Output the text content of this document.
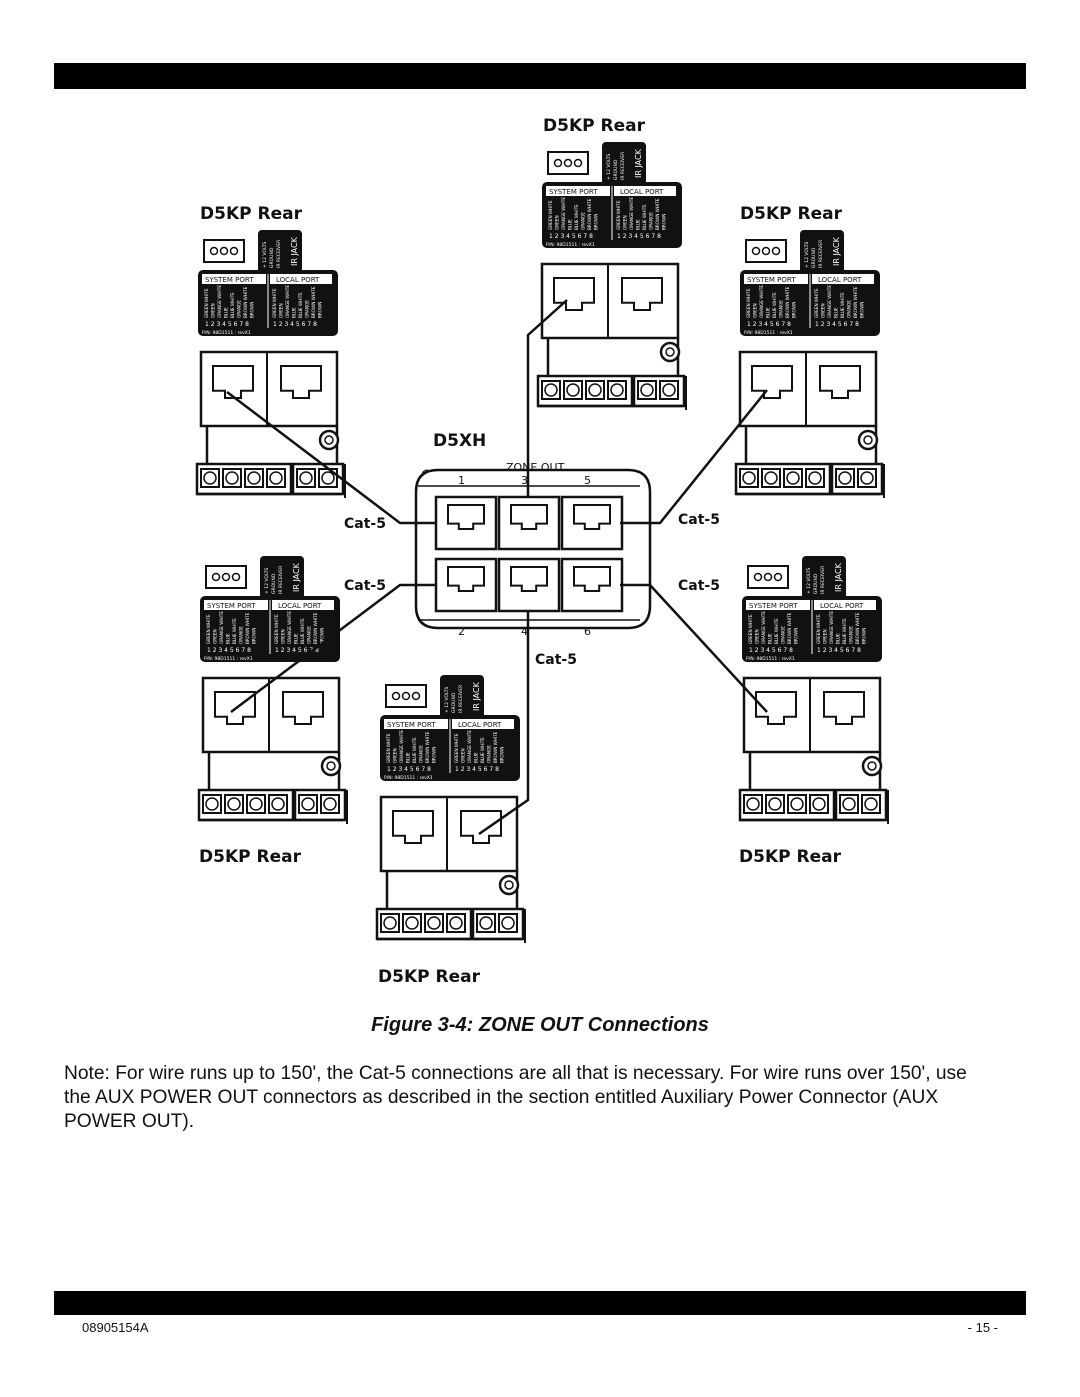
D5XH
ZONE OUT
1	3	5
2	4	6
D5KP Rear
+ 12 VOLTS GROUND IR RECEIVER IR JACK
SYSTEM PORT	LOCAL PORT
GREEN WHITE GREEN ORANGE WHITE BLUE BLUE WHITE ORANGE BROWN WHITE BROWN
1 2 3 4 5 6 7 8
GREEN WHITE GREEN ORANGE WHITE BLUE BLUE WHITE ORANGE BROWN WHITE BROWN
1 2 3 4 5 6 7 8
P/N: 98D1511 : revX1
D5KP Rear
+ 12 VOLTS GROUND IR RECEIVER IR JACK
SYSTEM PORT	LOCAL PORT
GREEN WHITE GREEN ORANGE WHITE BLUE BLUE WHITE ORANGE BROWN WHITE BROWN
1 2 3 4 5 6 7 8
GREEN WHITE GREEN ORANGE WHITE BLUE BLUE WHITE ORANGE BROWN WHITE BROWN
1 2 3 4 5 6 7 8
P/N: 98D1511 : revX1
D5KP Rear
+ 12 VOLTS GROUND IR RECEIVER IR JACK
SYSTEM PORT	LOCAL PORT
GREEN WHITE GREEN ORANGE WHITE BLUE BLUE WHITE ORANGE BROWN WHITE BROWN
1 2 3 4 5 6 7 8
GREEN WHITE GREEN ORANGE WHITE BLUE BLUE WHITE ORANGE BROWN WHITE BROWN
1 2 3 4 5 6 7 8
P/N: 98D1511 : revX1
D5KP Rear
+ 12 VOLTS GROUND IR RECEIVER IR JACK
SYSTEM PORT	LOCAL PORT
GREEN WHITE GREEN ORANGE WHITE BLUE BLUE WHITE ORANGE BROWN WHITE BROWN
1 2 3 4 5 6 7 8
GREEN WHITE GREEN ORANGE WHITE BLUE BLUE WHITE ORANGE BROWN WHITE BROWN
1 2 3 4 5 6 7 8
P/N: 98D1511 : revX1
D5KP Rear
+ 12 VOLTS GROUND IR RECEIVER IR JACK
SYSTEM PORT	LOCAL PORT
GREEN WHITE GREEN ORANGE WHITE BLUE BLUE WHITE ORANGE BROWN WHITE BROWN
1 2 3 4 5 6 7 8
GREEN WHITE GREEN ORANGE WHITE BLUE BLUE WHITE ORANGE BROWN WHITE BROWN
1 2 3 4 5 6 7 8
P/N: 98D1511 : revX1
D5KP Rear
+ 12 VOLTS GROUND IR RECEIVER IR JACK
SYSTEM PORT	LOCAL PORT
GREEN WHITE GREEN ORANGE WHITE BLUE BLUE WHITE ORANGE BROWN WHITE BROWN
1 2 3 4 5 6 7 8
GREEN WHITE GREEN ORANGE WHITE BLUE BLUE WHITE ORANGE BROWN WHITE BROWN
1 2 3 4 5 6 7 8
P/N: 98D1511 : revX1
Cat-5
Cat-5
Cat-5
Cat-5
Cat-5
Figure 3-4: ZONE OUT Connections
Note: For wire runs up to 150', the Cat-5 connections are all that is necessary. For wire runs over 150', use the AUX POWER OUT connectors as described in the section entitled Auxiliary Power Connector (AUX POWER OUT).
08905154A	- 15 -
